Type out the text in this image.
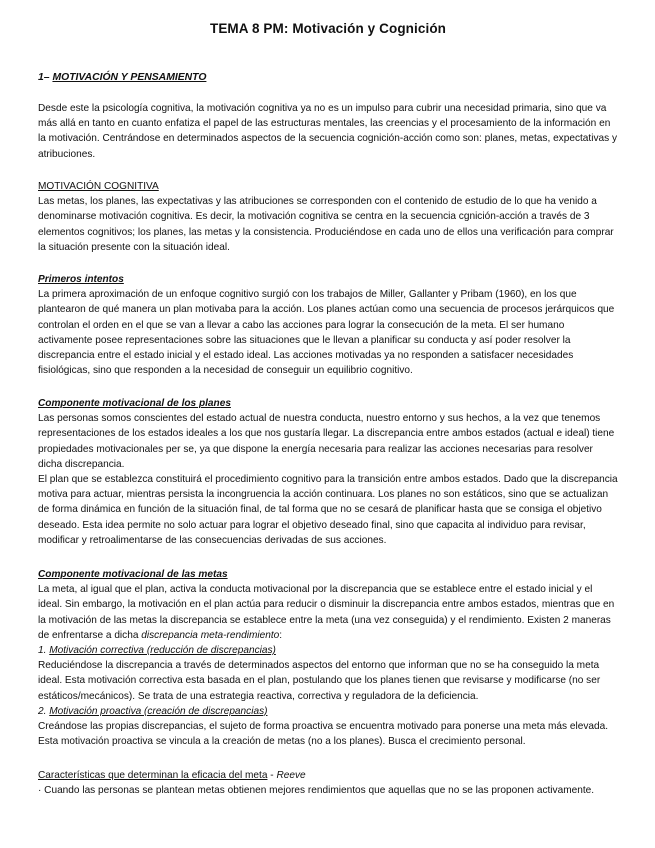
TEMA 8 PM: Motivación y Cognición

1– MOTIVACIÓN Y PENSAMIENTO

Desde este la psicología cognitiva, la motivación cognitiva ya no es un impulso para cubrir una necesidad primaria, sino que va más allá en tanto en cuanto enfatiza el papel de las estructuras mentales, las creencias y el procesamiento de la información en la motivación. Centrándose en determinados aspectos de la secuencia cognición-acción como son: planes, metas, expectativas y atribuciones.

MOTIVACIÓN COGNITIVA

Las metas, los planes, las expectativas y las atribuciones se corresponden con el contenido de estudio de lo que ha venido a denominarse motivación cognitiva. Es decir, la motivación cognitiva se centra en la secuencia cgnición-acción a través de 3 elementos cognitivos; los planes, las metas y la consistencia. Produciéndose en cada uno de ellos una verificación para comprar la situación presente con la situación ideal.

Primeros intentos

La primera aproximación de un enfoque cognitivo surgió con los trabajos de Miller, Gallanter y Pribam (1960), en los que plantearon de qué manera un plan motivaba para la acción. Los planes actúan como una secuencia de procesos jerárquicos que controlan el orden en el que se van a llevar a cabo las acciones para lograr la consecución de la meta. El ser humano activamente posee representaciones sobre las situaciones que le llevan a planificar su conducta y así poder resolver la discrepancia entre el estado inicial y el estado ideal. Las acciones motivadas ya no responden a satisfacer necesidades fisiológicas, sino que responden a la necesidad de conseguir un equilibrio cognitivo.

Componente motivacional de los planes

Las personas somos conscientes del estado actual de nuestra conducta, nuestro entorno y sus hechos, a la vez que tenemos representaciones de los estados ideales a los que nos gustaría llegar. La discrepancia entre ambos estados (actual e ideal) tiene propiedades motivacionales per se, ya que dispone la energía necesaria para realizar las acciones necesarias para resolver dicha discrepancia.

El plan que se establezca constituirá el procedimiento cognitivo para la transición entre ambos estados. Dado que la discrepancia motiva para actuar, mientras persista la incongruencia la acción continuara. Los planes no son estáticos, sino que se actualizan de forma dinámica en función de la situación final, de tal forma que no se cesará de planificar hasta que se consiga el objetivo deseado. Esta idea permite no solo actuar para lograr el objetivo deseado final, sino que capacita al individuo para revisar, modificar y retroalimentarse de las consecuencias derivadas de sus acciones.

Componente motivacional de las metas

La meta, al igual que el plan, activa la conducta motivacional por la discrepancia que se establece entre el estado inicial y el ideal. Sin embargo, la motivación en el plan actúa para reducir o disminuir la discrepancia entre ambos estados, mientras que en la motivación de las metas la discrepancia se establece entre la meta (una vez conseguida) y el rendimiento. Existen 2 maneras de enfrentarse a dicha discrepancia meta-rendimiento:

1. Motivación correctiva (reducción de discrepancias)

Reduciéndose la discrepancia a través de determinados aspectos del entorno que informan que no se ha conseguido la meta ideal. Esta motivación correctiva esta basada en el plan, postulando que los planes tienen que revisarse y modificarse (no ser estáticos/mecánicos). Se trata de una estrategia reactiva, correctiva y reguladora de la deficiencia.

2. Motivación proactiva (creación de discrepancias)

Creándose las propias discrepancias, el sujeto de forma proactiva se encuentra motivado para ponerse una meta más elevada. Esta motivación proactiva se vincula a la creación de metas (no a los planes). Busca el crecimiento personal.

Características que determinan la eficacia del meta - Reeve

· Cuando las personas se plantean metas obtienen mejores rendimientos que aquellas que no se las proponen activamente.
